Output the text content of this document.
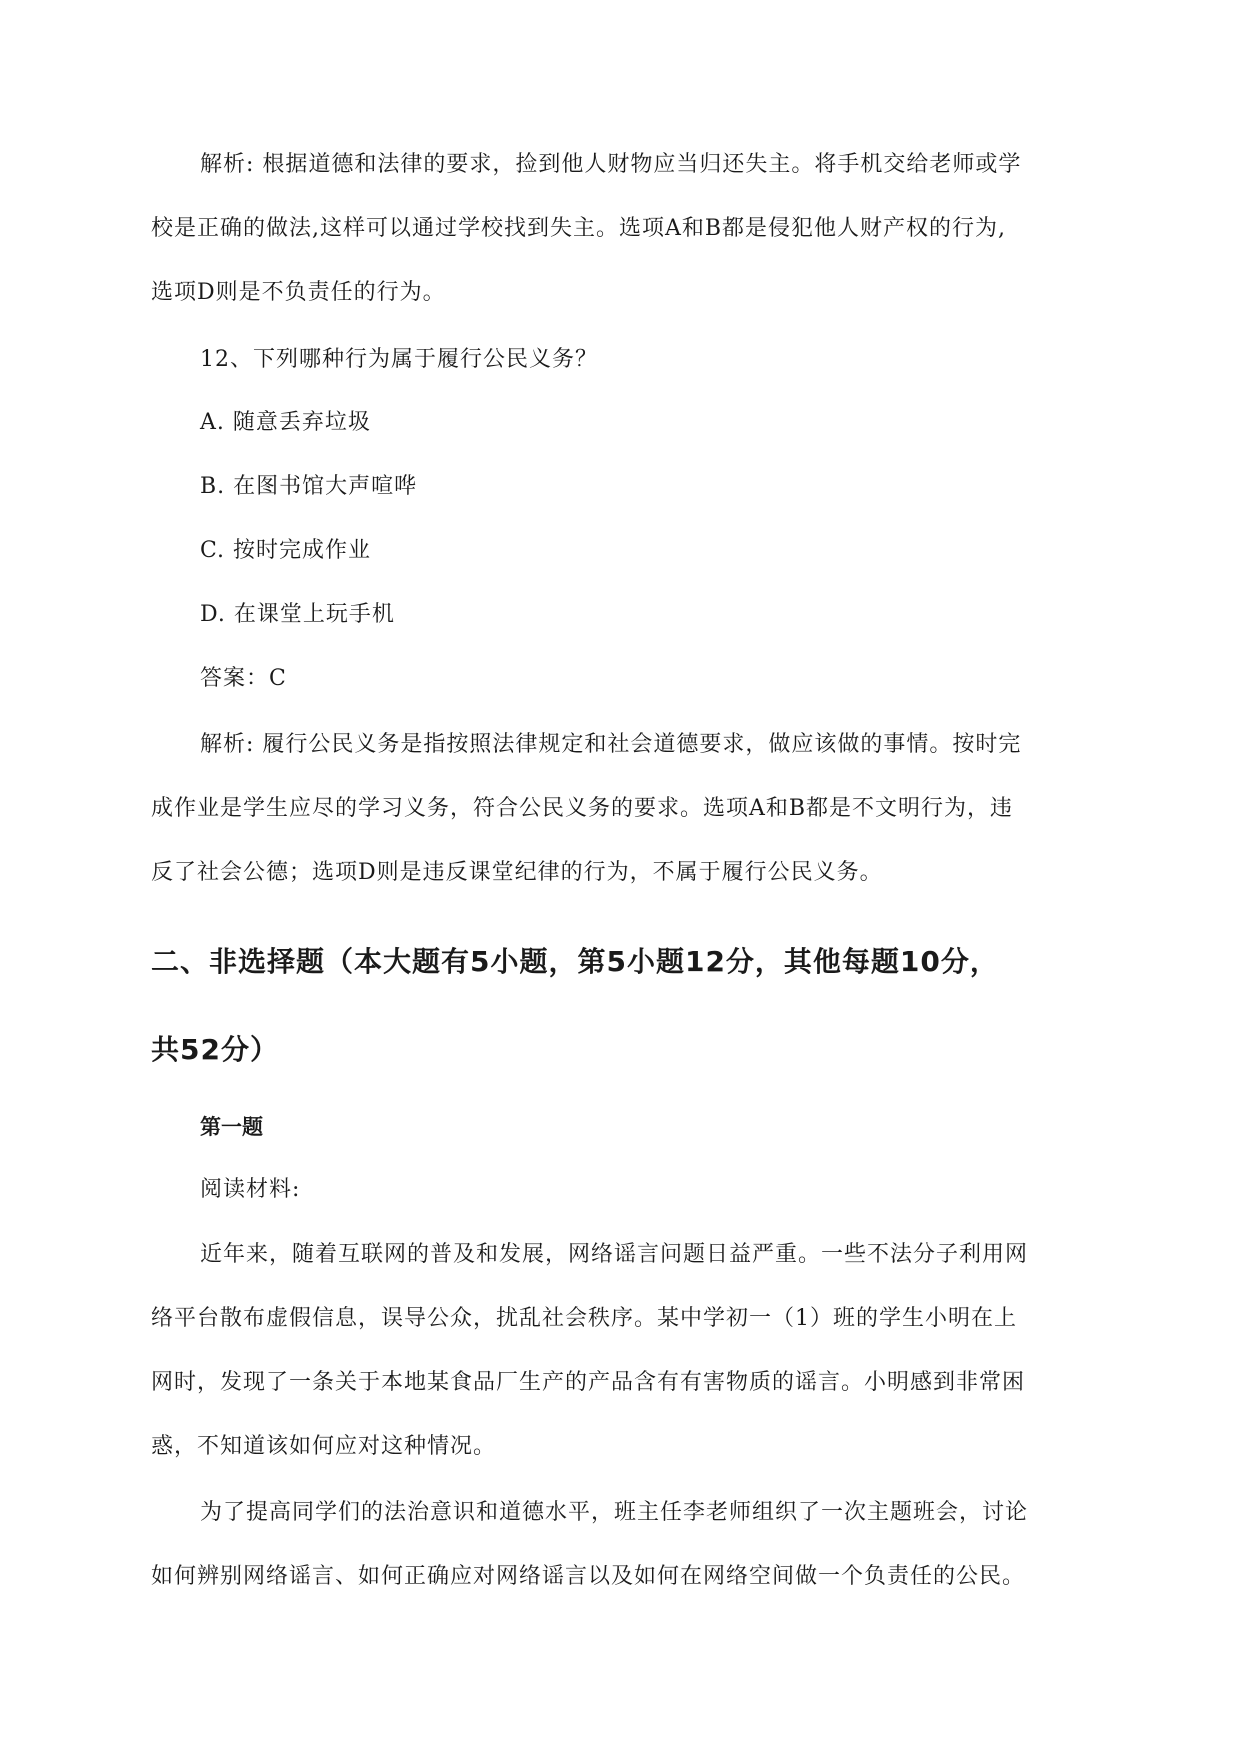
解析: 根据道德和法律的要求，捡到他人财物应当归还失主。将手机交给老师或学
校是正确的做法,这样可以通过学校找到失主。选项A和B都是侵犯他人财产权的行为,
选项D则是不负责任的行为。
12、下列哪种行为属于履行公民义务？
A. 随意丢弃垃圾
B. 在图书馆大声喧哗
C. 按时完成作业
D. 在课堂上玩手机
答案：C
解析: 履行公民义务是指按照法律规定和社会道德要求，做应该做的事情。按时完
成作业是学生应尽的学习义务，符合公民义务的要求。选项A和B都是不文明行为，违
反了社会公德；选项D则是违反课堂纪律的行为，不属于履行公民义务。
二、非选择题（本大题有5小题，第5小题12分，其他每题10分，
共52分）
第一题
阅读材料:
近年来，随着互联网的普及和发展，网络谣言问题日益严重。一些不法分子利用网
络平台散布虚假信息，误导公众，扰乱社会秩序。某中学初一（1）班的学生小明在上
网时，发现了一条关于本地某食品厂生产的产品含有有害物质的谣言。小明感到非常困
惑，不知道该如何应对这种情况。
为了提高同学们的法治意识和道德水平，班主任李老师组织了一次主题班会，讨论
如何辨别网络谣言、如何正确应对网络谣言以及如何在网络空间做一个负责任的公民。
